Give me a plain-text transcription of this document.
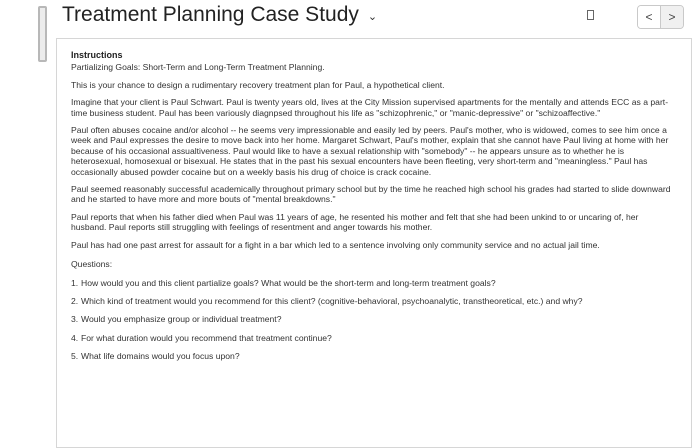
Treatment Planning Case Study ⌄	< >
Instructions
Partializing Goals: Short-Term and Long-Term Treatment Planning.
This is your chance to design a rudimentary recovery treatment plan for Paul, a hypothetical client.
Imagine that your client is Paul Schwart. Paul is twenty years old, lives at the City Mission supervised apartments for the mentally and attends ECC as a part-time business student. Paul has been variously diagnpsed throughout his life as "schizophrenic," or "manic-depressive" or "schizoaffective."
Paul often abuses cocaine and/or alcohol -- he seems very impressionable and easily led by peers. Paul's mother, who is widowed, comes to see him once a week and Paul expresses the desire to move back into her home. Margaret Schwart, Paul's mother, explain that she cannot have Paul living at home with her because of his occasional assualtiveness. Paul would like to have a sexual relationship with "somebody" -- he appears unsure as to whether he is heterosexual, homosexual or bisexual. He states that in the past his sexual encounters have been fleeting, very short-term and "meaningless." Paul has occasionally abused powder cocaine but on a weekly basis his drug of choice is crack cocaine.
Paul seemed reasonably successful academically throughout primary school but by the time he reached high school his grades had started to slide downward and he started to have more and more bouts of "mental breakdowns."
Paul reports that when his father died when Paul was 11 years of age, he resented his mother and felt that she had been unkind to or uncaring of, her husband. Paul reports still struggling with feelings of resentment and anger towards his mother.
Paul has had one past arrest for assault for a fight in a bar which led to a sentence involving only community service and no actual jail time.
Questions:
1. How would you and this client partialize goals? What would be the short-term and long-term treatment goals?
2. Which kind of treatment would you recommend for this client? (cognitive-behavioral, psychoanalytic, transtheoretical, etc.) and why?
3. Would you emphasize group or individual treatment?
4. For what duration would you recommend that treatment continue?
5. What life domains would you focus upon?
